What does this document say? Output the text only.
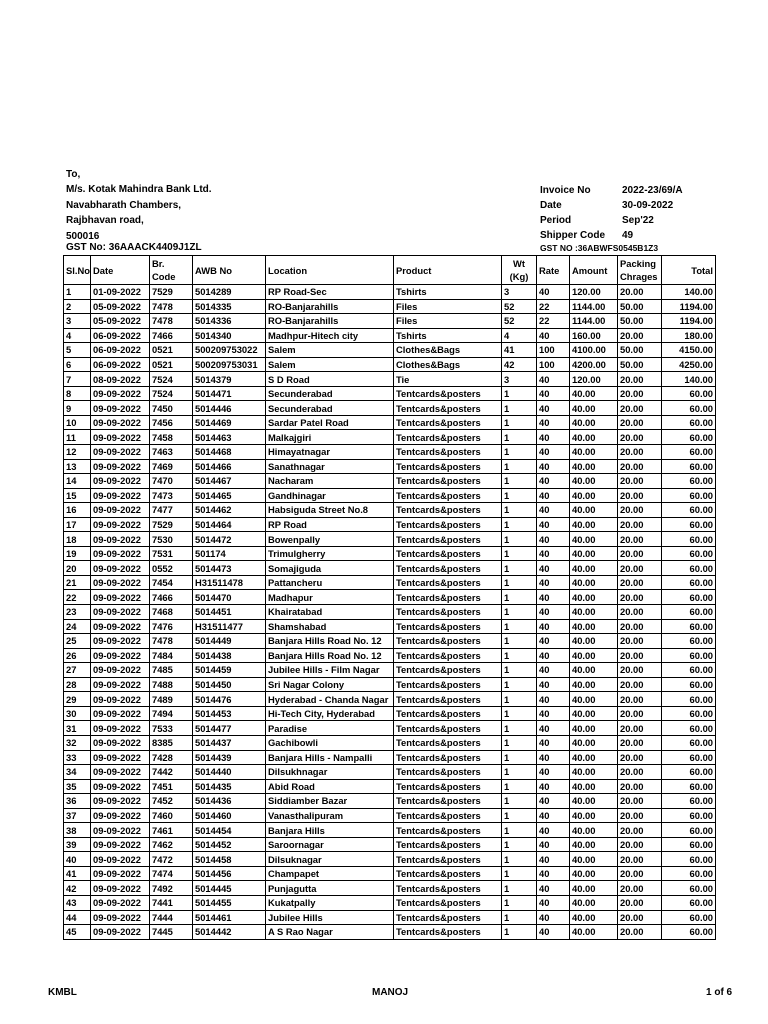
To,
M/s. Kotak Mahindra Bank Ltd.
Navabharath Chambers,
Rajbhavan road,
500016
GST No: 36AAACK4409J1ZL
Invoice No	2022-23/69/A
Date	30-09-2022
Period	Sep'22
Shipper Code	49
GST NO :36ABWFS0545B1Z3
Sl.No	Date	Br. Code	AWB No	Location	Product	Wt (Kg)	Rate	Amount	Packing Chrages	Total
1	01-09-2022	7529	5014289	RP Road-Sec	Tshirts	3	40	120.00	20.00	140.00
2	05-09-2022	7478	5014335	RO-Banjarahills	Files	52	22	1144.00	50.00	1194.00
3	05-09-2022	7478	5014336	RO-Banjarahills	Files	52	22	1144.00	50.00	1194.00
4	06-09-2022	7466	5014340	Madhpur-Hitech city	Tshirts	4	40	160.00	20.00	180.00
5	06-09-2022	0521	500209753022	Salem	Clothes&Bags	41	100	4100.00	50.00	4150.00
6	06-09-2022	0521	500209753031	Salem	Clothes&Bags	42	100	4200.00	50.00	4250.00
7	08-09-2022	7524	5014379	S D Road	Tie	3	40	120.00	20.00	140.00
8	09-09-2022	7524	5014471	Secunderabad	Tentcards&posters	1	40	40.00	20.00	60.00
9	09-09-2022	7450	5014446	Secunderabad	Tentcards&posters	1	40	40.00	20.00	60.00
10	09-09-2022	7456	5014469	Sardar Patel Road	Tentcards&posters	1	40	40.00	20.00	60.00
11	09-09-2022	7458	5014463	Malkajgiri	Tentcards&posters	1	40	40.00	20.00	60.00
12	09-09-2022	7463	5014468	Himayatnagar	Tentcards&posters	1	40	40.00	20.00	60.00
13	09-09-2022	7469	5014466	Sanathnagar	Tentcards&posters	1	40	40.00	20.00	60.00
14	09-09-2022	7470	5014467	Nacharam	Tentcards&posters	1	40	40.00	20.00	60.00
15	09-09-2022	7473	5014465	Gandhinagar	Tentcards&posters	1	40	40.00	20.00	60.00
16	09-09-2022	7477	5014462	Habsiguda Street No.8	Tentcards&posters	1	40	40.00	20.00	60.00
17	09-09-2022	7529	5014464	RP Road	Tentcards&posters	1	40	40.00	20.00	60.00
18	09-09-2022	7530	5014472	Bowenpally	Tentcards&posters	1	40	40.00	20.00	60.00
19	09-09-2022	7531	501174	Trimulgherry	Tentcards&posters	1	40	40.00	20.00	60.00
20	09-09-2022	0552	5014473	Somajiguda	Tentcards&posters	1	40	40.00	20.00	60.00
21	09-09-2022	7454	H31511478	Pattancheru	Tentcards&posters	1	40	40.00	20.00	60.00
22	09-09-2022	7466	5014470	Madhapur	Tentcards&posters	1	40	40.00	20.00	60.00
23	09-09-2022	7468	5014451	Khairatabad	Tentcards&posters	1	40	40.00	20.00	60.00
24	09-09-2022	7476	H31511477	Shamshabad	Tentcards&posters	1	40	40.00	20.00	60.00
25	09-09-2022	7478	5014449	Banjara Hills Road No. 12	Tentcards&posters	1	40	40.00	20.00	60.00
26	09-09-2022	7484	5014438	Banjara Hills Road No. 12	Tentcards&posters	1	40	40.00	20.00	60.00
27	09-09-2022	7485	5014459	Jubilee Hills - Film Nagar	Tentcards&posters	1	40	40.00	20.00	60.00
28	09-09-2022	7488	5014450	Sri Nagar Colony	Tentcards&posters	1	40	40.00	20.00	60.00
29	09-09-2022	7489	5014476	Hyderabad - Chanda Nagar	Tentcards&posters	1	40	40.00	20.00	60.00
30	09-09-2022	7494	5014453	Hi-Tech City, Hyderabad	Tentcards&posters	1	40	40.00	20.00	60.00
31	09-09-2022	7533	5014477	Paradise	Tentcards&posters	1	40	40.00	20.00	60.00
32	09-09-2022	8385	5014437	Gachibowli	Tentcards&posters	1	40	40.00	20.00	60.00
33	09-09-2022	7428	5014439	Banjara Hills - Nampalli	Tentcards&posters	1	40	40.00	20.00	60.00
34	09-09-2022	7442	5014440	Dilsukhnagar	Tentcards&posters	1	40	40.00	20.00	60.00
35	09-09-2022	7451	5014435	Abid Road	Tentcards&posters	1	40	40.00	20.00	60.00
36	09-09-2022	7452	5014436	Siddiamber Bazar	Tentcards&posters	1	40	40.00	20.00	60.00
37	09-09-2022	7460	5014460	Vanasthalipuram	Tentcards&posters	1	40	40.00	20.00	60.00
38	09-09-2022	7461	5014454	Banjara Hills	Tentcards&posters	1	40	40.00	20.00	60.00
39	09-09-2022	7462	5014452	Saroornagar	Tentcards&posters	1	40	40.00	20.00	60.00
40	09-09-2022	7472	5014458	Dilsuknagar	Tentcards&posters	1	40	40.00	20.00	60.00
41	09-09-2022	7474	5014456	Champapet	Tentcards&posters	1	40	40.00	20.00	60.00
42	09-09-2022	7492	5014445	Punjagutta	Tentcards&posters	1	40	40.00	20.00	60.00
43	09-09-2022	7441	5014455	Kukatpally	Tentcards&posters	1	40	40.00	20.00	60.00
44	09-09-2022	7444	5014461	Jubilee Hills	Tentcards&posters	1	40	40.00	20.00	60.00
45	09-09-2022	7445	5014442	A S Rao Nagar	Tentcards&posters	1	40	40.00	20.00	60.00
KMBL	MANOJ	1 of 6
